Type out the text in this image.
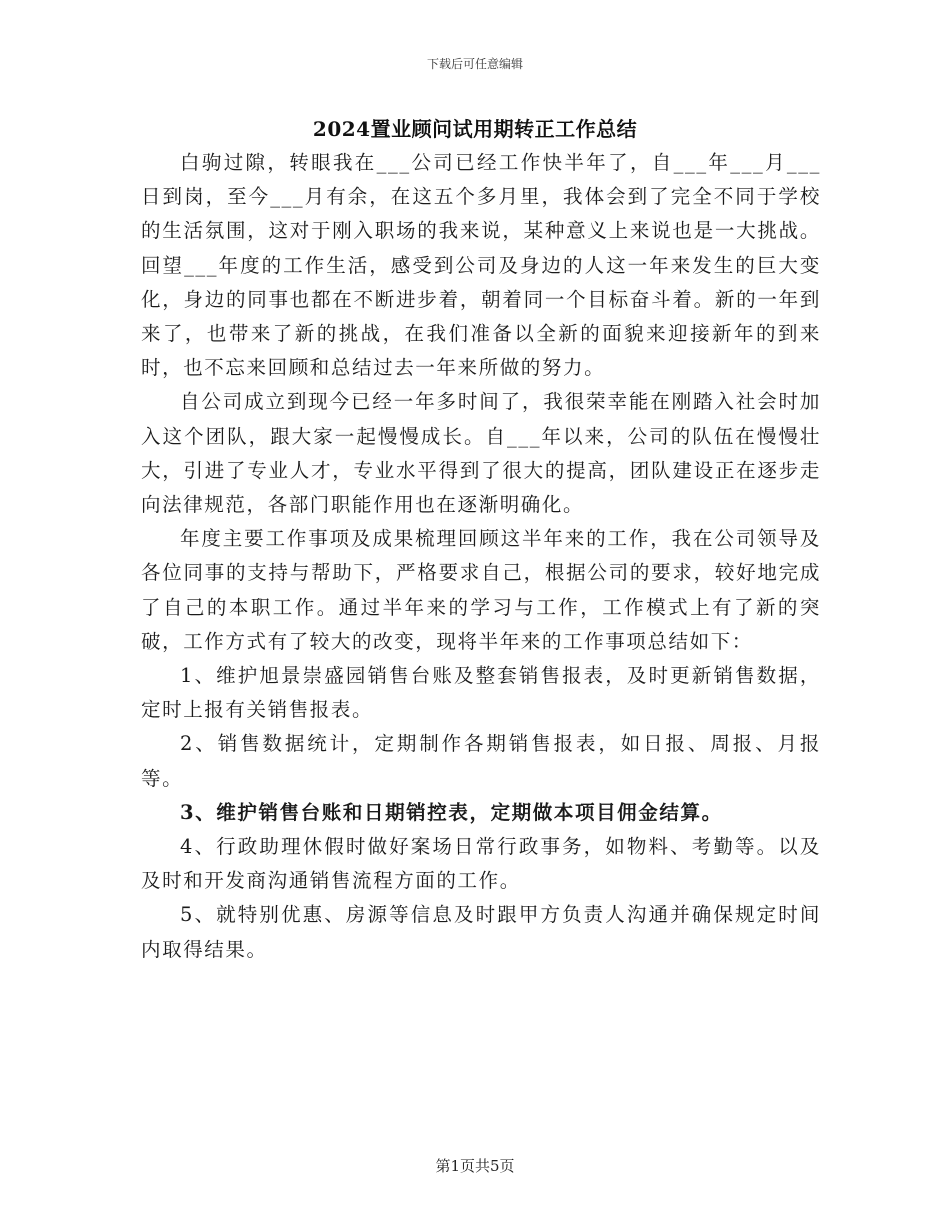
下载后可任意编辑
2024置业顾问试用期转正工作总结

白驹过隙，转眼我在___公司已经工作快半年了，自___年___月___日到岗，至今___月有余，在这五个多月里，我体会到了完全不同于学校的生活氛围，这对于刚入职场的我来说，某种意义上来说也是一大挑战。回望___年度的工作生活，感受到公司及身边的人这一年来发生的巨大变化，身边的同事也都在不断进步着，朝着同一个目标奋斗着。新的一年到来了，也带来了新的挑战，在我们准备以全新的面貌来迎接新年的到来时，也不忘来回顾和总结过去一年来所做的努力。

自公司成立到现今已经一年多时间了，我很荣幸能在刚踏入社会时加入这个团队，跟大家一起慢慢成长。自___年以来，公司的队伍在慢慢壮大，引进了专业人才，专业水平得到了很大的提高，团队建设正在逐步走向法律规范，各部门职能作用也在逐渐明确化。

年度主要工作事项及成果梳理回顾这半年来的工作，我在公司领导及各位同事的支持与帮助下，严格要求自己，根据公司的要求，较好地完成了自己的本职工作。通过半年来的学习与工作，工作模式上有了新的突破，工作方式有了较大的改变，现将半年来的工作事项总结如下：

1、维护旭景崇盛园销售台账及整套销售报表，及时更新销售数据，定时上报有关销售报表。

2、销售数据统计，定期制作各期销售报表，如日报、周报、月报等。

3、维护销售台账和日期销控表，定期做本项目佣金结算。

4、行政助理休假时做好案场日常行政事务，如物料、考勤等。以及及时和开发商沟通销售流程方面的工作。

5、就特别优惠、房源等信息及时跟甲方负责人沟通并确保规定时间内取得结果。

第1页共5页
